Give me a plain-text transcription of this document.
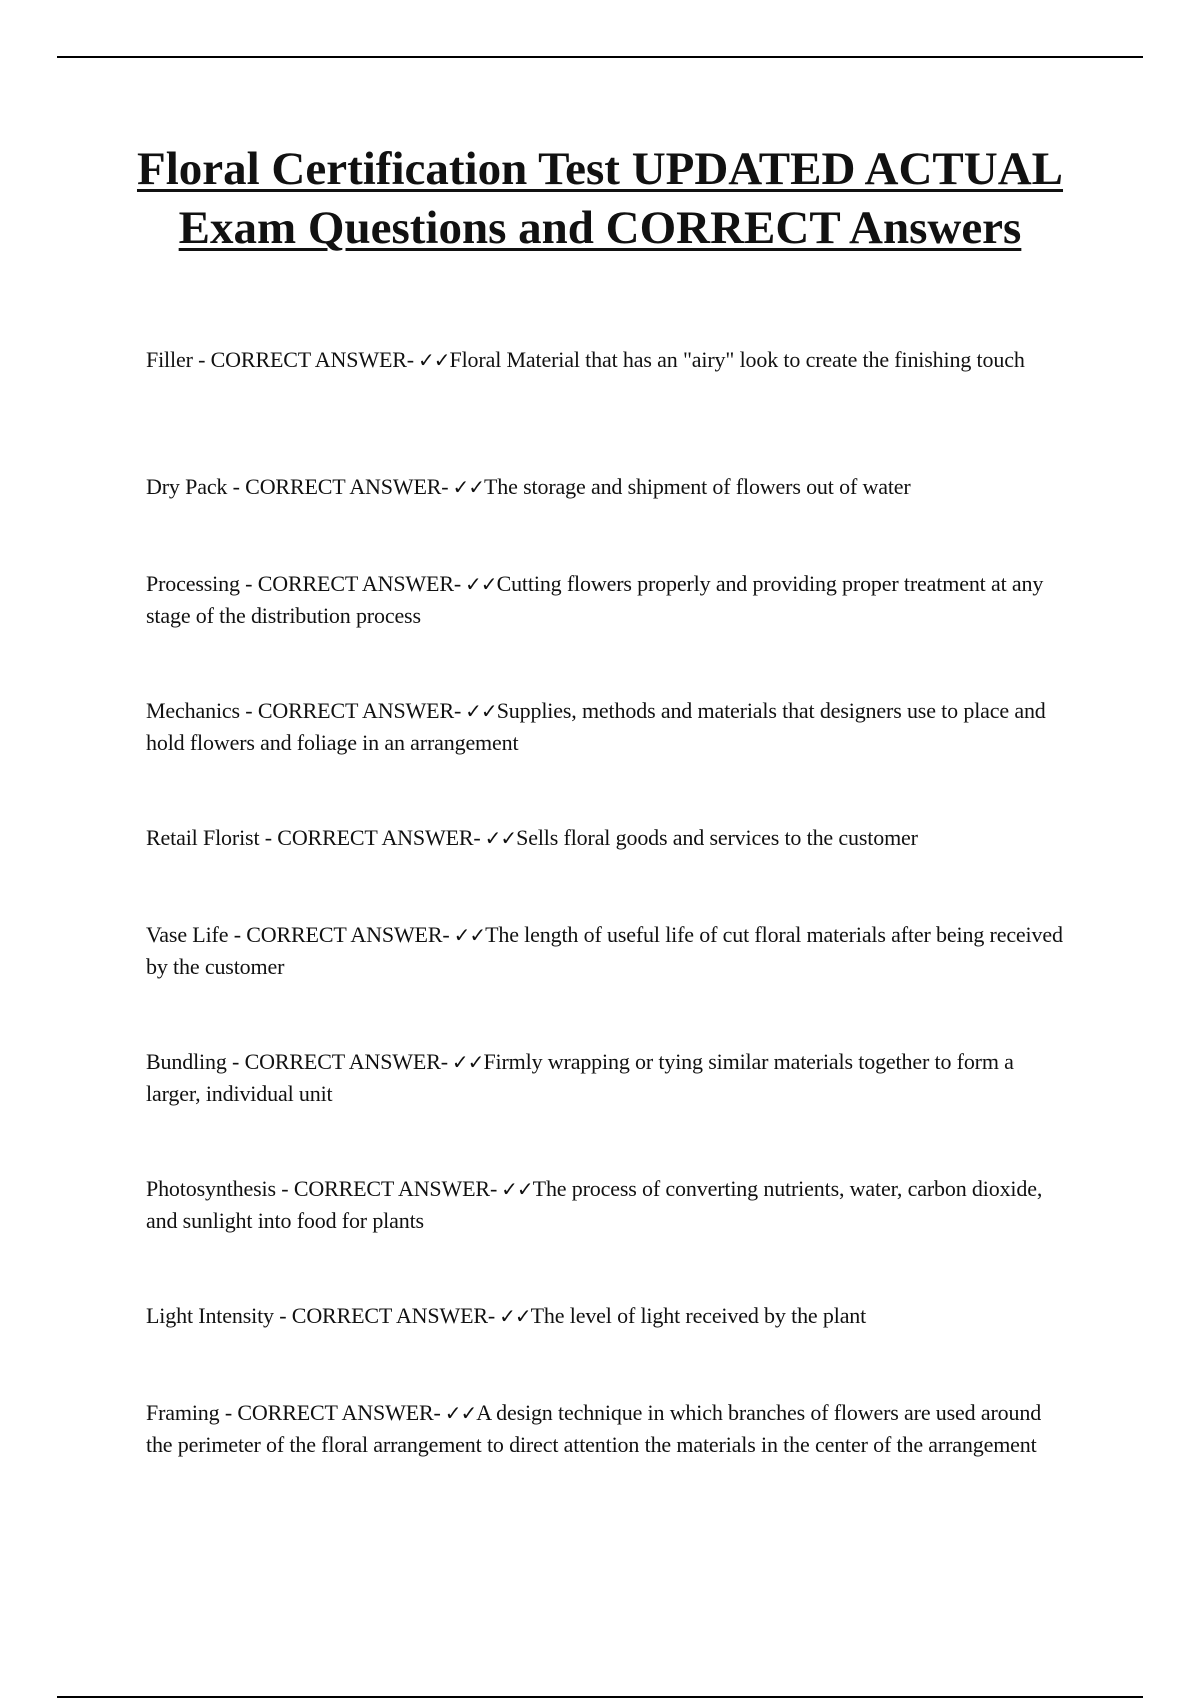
Floral Certification Test UPDATED ACTUAL Exam Questions and CORRECT Answers

Filler - CORRECT ANSWER- ✓✓Floral Material that has an "airy" look to create the finishing touch

Dry Pack - CORRECT ANSWER- ✓✓The storage and shipment of flowers out of water

Processing - CORRECT ANSWER- ✓✓Cutting flowers properly and providing proper treatment at any stage of the distribution process

Mechanics - CORRECT ANSWER- ✓✓Supplies, methods and materials that designers use to place and hold flowers and foliage in an arrangement

Retail Florist - CORRECT ANSWER- ✓✓Sells floral goods and services to the customer

Vase Life - CORRECT ANSWER- ✓✓The length of useful life of cut floral materials after being received by the customer

Bundling - CORRECT ANSWER- ✓✓Firmly wrapping or tying similar materials together to form a larger, individual unit

Photosynthesis - CORRECT ANSWER- ✓✓The process of converting nutrients, water, carbon dioxide, and sunlight into food for plants

Light Intensity - CORRECT ANSWER- ✓✓The level of light received by the plant

Framing - CORRECT ANSWER- ✓✓A design technique in which branches of flowers are used around the perimeter of the floral arrangement to direct attention the materials in the center of the arrangement
